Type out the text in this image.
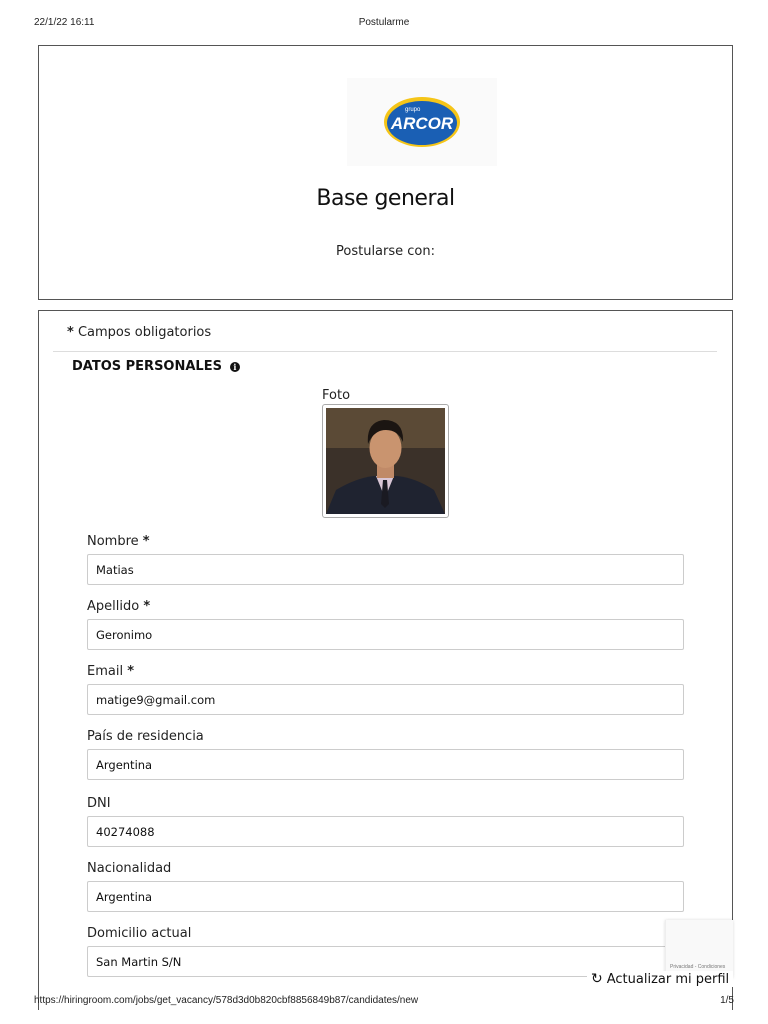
22/1/22 16:11	Postularme
grupo
ARCOR
Base general
Postularse con:
* Campos obligatorios
DATOS PERSONALES	i
Foto
Nombre *
Matias
Apellido *
Geronimo
Email *
matige9@gmail.com
País de residencia
Argentina
DNI
40274088
Nacionalidad
Argentina
Domicilio actual
San Martin S/N	Privacidad - Condiciones
↻ Actualizar mi perfil
https://hiringroom.com/jobs/get_vacancy/578d3d0b820cbf8856849b87/candidates/new	1/5
